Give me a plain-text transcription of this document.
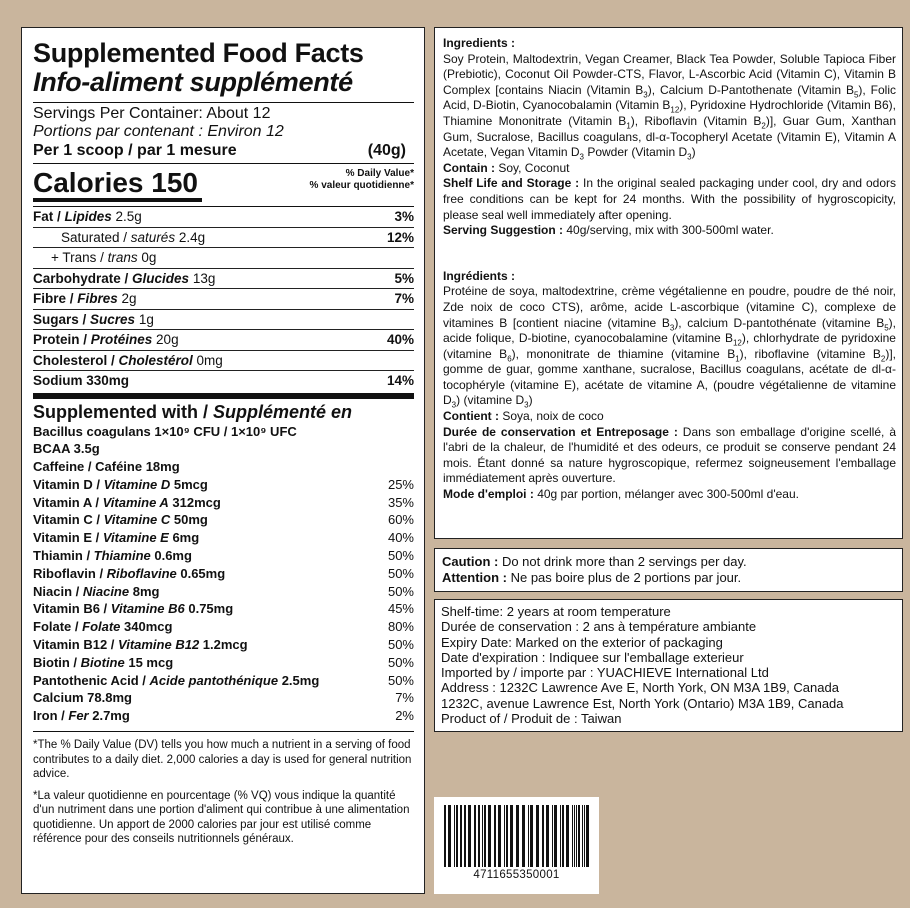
Supplemented Food Facts
Info-aliment supplémenté
Servings Per Container: About 12
Portions par contenant : Environ 12
Per 1 scoop / par 1 mesure	(40g)
Calories 150	% Daily Value*
% valeur quotidienne*
Fat / Lipides 2.5g	3%
Saturated / saturés 2.4g	12%
+ Trans / trans 0g
Carbohydrate / Glucides 13g	5%
Fibre / Fibres 2g	7%
Sugars / Sucres 1g
Protein / Protéines 20g	40%
Cholesterol / Cholestérol 0mg
Sodium 330mg	14%
Supplemented with / Supplémenté en
Bacillus coagulans 1×10⁹ CFU / 1×10⁹ UFC
BCAA 3.5g
Caffeine / Caféine 18mg
Vitamin D / Vitamine D 5mcg	25%
Vitamin A / Vitamine A 312mcg	35%
Vitamin C / Vitamine C 50mg	60%
Vitamin E / Vitamine E 6mg	40%
Thiamin / Thiamine 0.6mg	50%
Riboflavin / Riboflavine 0.65mg	50%
Niacin / Niacine 8mg	50%
Vitamin B6 / Vitamine B6 0.75mg	45%
Folate / Folate 340mcg	80%
Vitamin B12 / Vitamine B12 1.2mcg	50%
Biotin / Biotine 15 mcg	50%
Pantothenic Acid / Acide pantothénique 2.5mg	50%
Calcium 78.8mg	7%
Iron / Fer 2.7mg	2%

*The % Daily Value (DV) tells you how much a nutrient in a serving of food contributes to a daily diet. 2,000 calories a day is used for general nutrition advice.

*La valeur quotidienne en pourcentage (% VQ) vous indique la quantité d'un nutriment dans une portion d'aliment qui contribue à une alimentation quotidienne. Un apport de 2000 calories par jour est utilisé comme référence pour des conseils nutritionnels généraux.

Ingredients :

Soy Protein, Maltodextrin, Vegan Creamer, Black Tea Powder, Soluble Tapioca Fiber (Prebiotic), Coconut Oil Powder-CTS, Flavor, L-Ascorbic Acid (Vitamin C), Vitamin B Complex [contains Niacin (Vitamin $B_3$), Calcium D-Pantothenate (Vitamin $B_5$), Folic Acid, D-Biotin, Cyanocobalamin (Vitamin $B_{12}$), Pyridoxine Hydrochloride (Vitamin B6), Thiamine Mononitrate (Vitamin $B_1$), Riboflavin (Vitamin $B_2$)], Guar Gum, Xanthan Gum, Sucralose, Bacillus coagulans, dl-α-Tocopheryl Acetate (Vitamin E), Vitamin A Acetate, Vegan Vitamin $D_3$ Powder (Vitamin $D_3$)

Contain : Soy, Coconut

Shelf Life and Storage : In the original sealed packaging under cool, dry and odors free conditions can be kept for 24 months. With the possibility of hygroscopicity, please seal well immediately after opening.

Serving Suggestion : 40g/serving, mix with 300-500ml water.

Ingrédients :

Protéine de soya, maltodextrine, crème végétalienne en poudre, poudre de thé noir, Zde noix de coco CTS), arôme, acide L-ascorbique (vitamine C), complexe de vitamines B [contient niacine (vitamine $B_3$), calcium D-pantothénate (vitamine $B_5$), acide folique, D-biotine, cyanocobalamine (vitamine $B_{12}$), chlorhydrate de pyridoxine (vitamine $B_6$), mononitrate de thiamine (vitamine $B_1$), riboflavine (vitamine $B_2$)], gomme de guar, gomme xanthane, sucralose, Bacillus coagulans, acétate de dl-α-tocophéryle (vitamine E), acétate de vitamine A, (poudre végétalienne de vitamine $D_3$) (vitamine $D_3$)

Contient : Soya, noix de coco

Durée de conservation et Entreposage : Dans son emballage d'origine scellé, à l'abri de la chaleur, de l'humidité et des odeurs, ce produit se conserve pendant 24 mois. Étant donné sa nature hygroscopique, refermez soigneusement l'emballage immédiatement après ouverture.

Mode d'emploi : 40g par portion, mélanger avec 300-500ml d'eau.

Caution : Do not drink more than 2 servings per day.
Attention : Ne pas boire plus de 2 portions par jour.
Shelf-time: 2 years at room temperature
Durée de conservation : 2 ans à température ambiante
Expiry Date: Marked on the exterior of packaging
Date d'expiration : Indiquee sur l'emballage exterieur
Imported by / importe par : YUACHIEVE International Ltd
Address : 1232C Lawrence Ave E, North York, ON M3A 1B9, Canada
1232C, avenue Lawrence Est, North York (Ontario) M3A 1B9, Canada
Product of / Produit de : Taiwan
4711655350001
